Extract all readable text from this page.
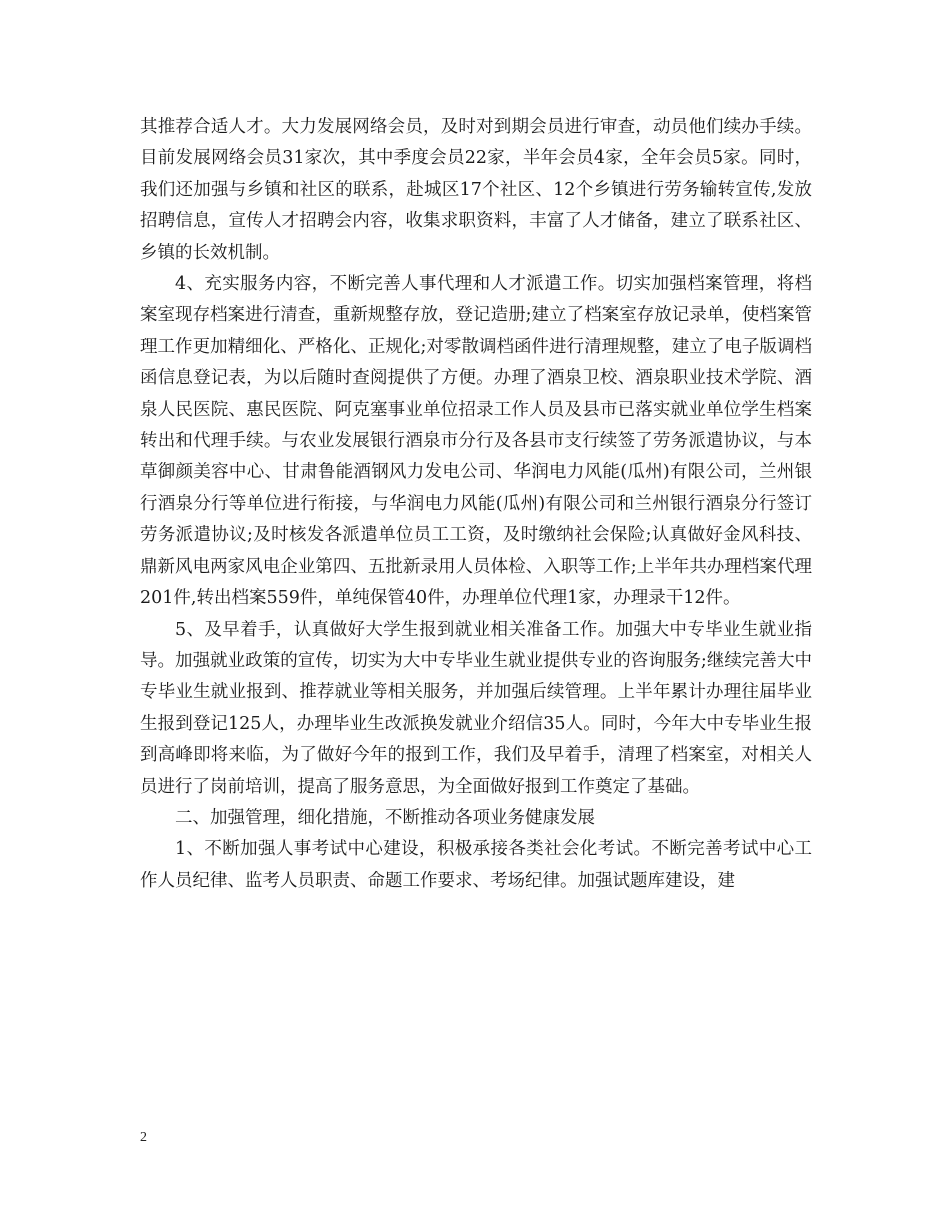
其推荐合适人才。大力发展网络会员，及时对到期会员进行审查，动员他们续办手续。目前发展网络会员31家次，其中季度会员22家，半年会员4家，全年会员5家。同时，我们还加强与乡镇和社区的联系，赴城区17个社区、12个乡镇进行劳务输转宣传,发放招聘信息，宣传人才招聘会内容，收集求职资料，丰富了人才储备，建立了联系社区、乡镇的长效机制。

4、充实服务内容，不断完善人事代理和人才派遣工作。切实加强档案管理，将档案室现存档案进行清查，重新规整存放，登记造册;建立了档案室存放记录单，使档案管理工作更加精细化、严格化、正规化;对零散调档函件进行清理规整，建立了电子版调档函信息登记表，为以后随时查阅提供了方便。办理了酒泉卫校、酒泉职业技术学院、酒泉人民医院、惠民医院、阿克塞事业单位招录工作人员及县市已落实就业单位学生档案转出和代理手续。与农业发展银行酒泉市分行及各县市支行续签了劳务派遣协议，与本草御颜美容中心、甘肃鲁能酒钢风力发电公司、华润电力风能(瓜州)有限公司，兰州银行酒泉分行等单位进行衔接，与华润电力风能(瓜州)有限公司和兰州银行酒泉分行签订劳务派遣协议;及时核发各派遣单位员工工资，及时缴纳社会保险;认真做好金风科技、鼎新风电两家风电企业第四、五批新录用人员体检、入职等工作;上半年共办理档案代理201件,转出档案559件，单纯保管40件，办理单位代理1家，办理录干12件。

5、及早着手，认真做好大学生报到就业相关准备工作。加强大中专毕业生就业指导。加强就业政策的宣传，切实为大中专毕业生就业提供专业的咨询服务;继续完善大中专毕业生就业报到、推荐就业等相关服务，并加强后续管理。上半年累计办理往届毕业生报到登记125人，办理毕业生改派换发就业介绍信35人。同时，今年大中专毕业生报到高峰即将来临，为了做好今年的报到工作，我们及早着手，清理了档案室，对相关人员进行了岗前培训，提高了服务意思，为全面做好报到工作奠定了基础。

二、加强管理，细化措施，不断推动各项业务健康发展

1、不断加强人事考试中心建设，积极承接各类社会化考试。不断完善考试中心工作人员纪律、监考人员职责、命题工作要求、考场纪律。加强试题库建设，建

2
